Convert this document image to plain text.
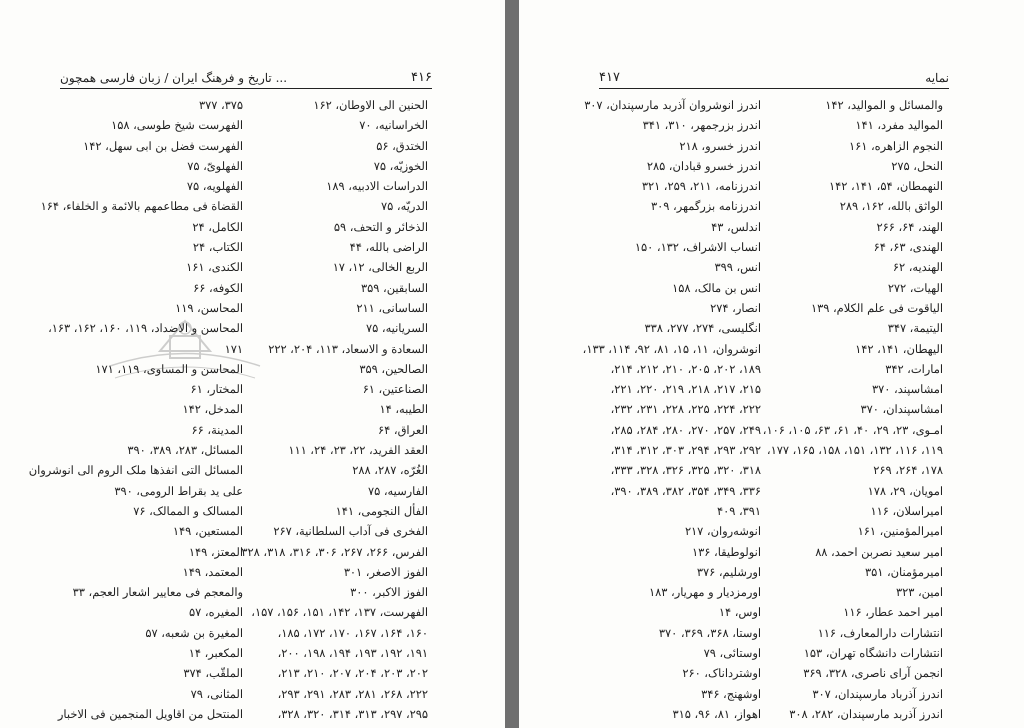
تاریخ و فرهنگ ایران / زبان فارسی همچون ...	۴۱۶
الحنین الی الاوطان، ۱۶۲
الخراسانیه، ۷۰
الختدق، ۵۶
الخوزیّه، ۷۵
الدراسات الادبیه، ۱۸۹
الدریّه، ۷۵
الذخائر و التحف، ۵۹
الراضی بالله، ۴۴
الربع الخالی، ۱۲، ۱۷
السابقین، ۳۵۹
الساسانی، ۲۱۱
السریانیه، ۷۵
السعادة و الاسعاد، ۱۱۳، ۲۰۴، ۲۲۲
الصالحین، ۳۵۹
الصناعتین، ۶۱
الطیبه، ۱۴
العراق، ۶۴
العقد الفرید، ۲۲، ۲۳، ۲۴، ۱۱۱
الغُرّه، ۲۸۷، ۲۸۸
الفارسیه، ۷۵
الفأل النجومی، ۱۴۱
الفخری فی آداب السلطانیة، ۲۶۷
الفرس، ۲۶۶، ۲۶۷، ۳۰۶، ۳۱۶، ۳۱۸، ۳۲۸
الفوز الاصغر، ۳۰۱
الفوز الاکبر، ۳۰۰
الفهرست، ۱۳۷، ۱۴۲، ۱۵۱، ۱۵۶، ۱۵۷،
۱۶۰، ۱۶۴، ۱۶۷، ۱۷۰، ۱۷۲، ۱۸۵،
۱۹۱، ۱۹۲، ۱۹۳، ۱۹۴، ۱۹۸، ۲۰۰،
۲۰۲، ۲۰۳، ۲۰۴، ۲۰۷، ۲۱۰، ۲۱۳،
۲۲۲، ۲۶۸، ۲۸۱، ۲۸۳، ۲۹۱، ۲۹۳،
۲۹۵، ۲۹۷، ۳۱۳، ۳۱۴، ۳۲۰، ۳۲۸،
۳۷۵، ۳۷۷
الفهرست شیخ طوسی، ۱۵۸
الفهرست فضل بن ابی سهل، ۱۴۲
الفهلویّ، ۷۵
الفهلویه، ۷۵
القضاة فی مطاعمهم بالائمة و الخلفاء، ۱۶۴
الکامل، ۲۴
الکتاب، ۲۴
الکندی، ۱۶۱
الکوفه، ۶۶
المحاسن، ۱۱۹
المحاسن و الاضداد، ۱۱۹، ۱۶۰، ۱۶۲، ۱۶۳،
۱۷۱
المحاسن و المساوی، ۱۱۹، ۱۷۱
المختار، ۶۱
المدخل، ۱۴۲
المدینة، ۶۶
المسائل، ۲۸۳، ۳۸۹، ۳۹۰
المسائل التی انفذها ملک الروم الی انوشروان
علی ید بقراط الرومی، ۳۹۰
المسالک و الممالک، ۷۶
المستعین، ۱۴۹
المعتز، ۱۴۹
المعتمد، ۱۴۹
والمعجم فی معاییر اشعار العجم، ۳۳
المغیره، ۵۷
المغیرة بن شعبه، ۵۷
المکعبر، ۱۴
الملقّب، ۳۷۴
المثانی، ۷۹
المنتحل من اقاویل المنجمین فی الاخبار
نمایه
۴۱۷
والمسائل و المواليد، ۱۴۲
المواليد مفرد، ۱۴۱
النجوم الزاهره، ۱۶۱
النحل، ۲۷۵
النهمطان، ۵۴، ۱۴۱، ۱۴۲
الواثق بالله، ۱۶۲، ۲۸۹
الهند، ۶۴، ۲۶۶
الهندی، ۶۳، ۶۴
الهندیه، ۶۲
الهیات، ۲۷۲
الیاقوت فی علم الکلام، ۱۳۹
الیتیمة، ۳۴۷
الیهطان، ۱۴۱، ۱۴۲
امارات، ۳۴۲
امشاسپند، ۳۷۰
امشاسپندان، ۳۷۰
امـوی، ۲۳، ۲۹، ۴۰، ۶۱، ۶۳، ۱۰۵، ۱۰۶،
۱۱۹، ۱۱۶، ۱۳۲، ۱۵۱، ۱۵۸، ۱۶۵، ۱۷۷،
۱۷۸، ۲۶۴، ۲۶۹
امویان، ۲۹، ۱۷۸
امیراسلان، ۱۱۶
امیرالمؤمنین، ۱۶۱
امیر سعید نصربن احمد، ۸۸
امیرمؤمنان، ۳۵۱
امین، ۳۲۳
امیر احمد عطار، ۱۱۶
انتشارات دارالمعارف، ۱۱۶
انتشارات دانشگاه تهران، ۱۵۳
انجمن آرای ناصری، ۳۲۸، ۳۶۹
اندرز آذرباد مارسپندان، ۳۰۷
اندرز آذربد مارسپندان، ۲۸۲، ۳۰۸
اندرز انوشروان آذربد مارسپندان، ۳۰۷
اندرز بزرجمهر، ۳۱۰، ۳۴۱
اندرز خسرو، ۲۱۸
اندرز خسرو قبادان، ۲۸۵
اندرزنامه، ۲۱۱، ۲۵۹، ۳۲۱
اندرزنامه بزرگمهر، ۳۰۹
اندلس، ۴۳
انساب الاشراف، ۱۳۲، ۱۵۰
انس، ۳۹۹
انس بن مالک، ۱۵۸
انصار، ۲۷۴
انگلیسی، ۲۷۴، ۲۷۷، ۳۳۸
انوشروان، ۱۱، ۱۵، ۸۱، ۹۲، ۱۱۴، ۱۳۳،
۱۸۹، ۲۰۲، ۲۰۵، ۲۱۰، ۲۱۲، ۲۱۴،
۲۱۵، ۲۱۷، ۲۱۸، ۲۱۹، ۲۲۰، ۲۲۱،
۲۲۲، ۲۲۴، ۲۲۵، ۲۲۸، ۲۳۱، ۲۳۲،
۲۴۹، ۲۵۷، ۲۷۰، ۲۸۰، ۲۸۴، ۲۸۵،
۲۹۲، ۲۹۳، ۲۹۴، ۳۰۳، ۳۱۲، ۳۱۴،
۳۱۸، ۳۲۰، ۳۲۵، ۳۲۶، ۳۲۸، ۳۳۳،
۳۳۶، ۳۴۹، ۳۵۴، ۳۸۲، ۳۸۹، ۳۹۰،
۳۹۱، ۴۰۹
انوشه‌روان، ۲۱۷
انولوطیقا، ۱۳۶
اورشلیم، ۳۷۶
اورمزدیار و مهریار، ۱۸۳
اوس، ۱۴
اوستا، ۳۶۸، ۳۶۹، ۳۷۰
اوستائی، ۷۹
اوشترداناک، ۲۶۰
اوشهنج، ۳۴۶
اهواز، ۸۱، ۹۶، ۳۱۵
